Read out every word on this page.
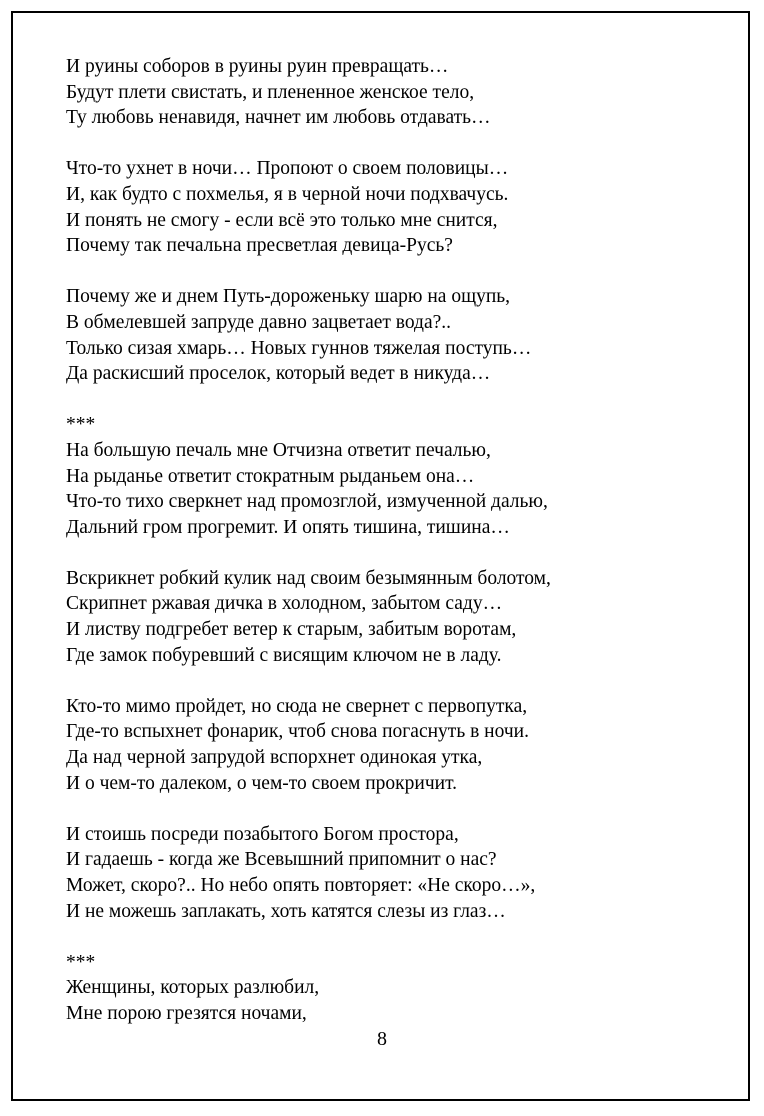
И руины соборов в руины руин превращать…
Будут плети свистать, и плененное женское тело,
Ту любовь ненавидя, начнет им любовь отдавать…
Что-то ухнет в ночи… Пропоют о своем половицы…
И, как будто с похмелья, я в черной ночи подхвачусь.
И понять не смогу - если всё это только мне снится,
Почему так печальна пресветлая девица-Русь?
Почему же и днем Путь-дороженьку шарю на ощупь,
В обмелевшей запруде давно зацветает вода?..
Только сизая хмарь… Новых гуннов тяжелая поступь…
Да раскисший проселок, который ведет в никуда…
***
На большую печаль мне Отчизна ответит печалью,
На рыданье ответит стократным рыданьем она…
Что-то тихо сверкнет над промозглой, измученной далью,
Дальний гром прогремит. И опять тишина, тишина…
Вскрикнет робкий кулик над своим безымянным болотом,
Скрипнет ржавая дичка в холодном, забытом саду…
И листву подгребет ветер к старым, забитым воротам,
Где замок побуревший с висящим ключом не в ладу.
Кто-то мимо пройдет, но сюда не свернет с первопутка,
Где-то вспыхнет фонарик, чтоб снова погаснуть в ночи.
Да над черной запрудой вспорхнет одинокая утка,
И о чем-то далеком, о чем-то своем прокричит.
И стоишь посреди позабытого Богом простора,
И гадаешь - когда же Всевышний припомнит о нас?
Может, скоро?.. Но небо опять повторяет: «Не скоро…»,
И не можешь заплакать, хоть катятся слезы из глаз…
***
Женщины, которых разлюбил,
Мне порою грезятся ночами,
8
